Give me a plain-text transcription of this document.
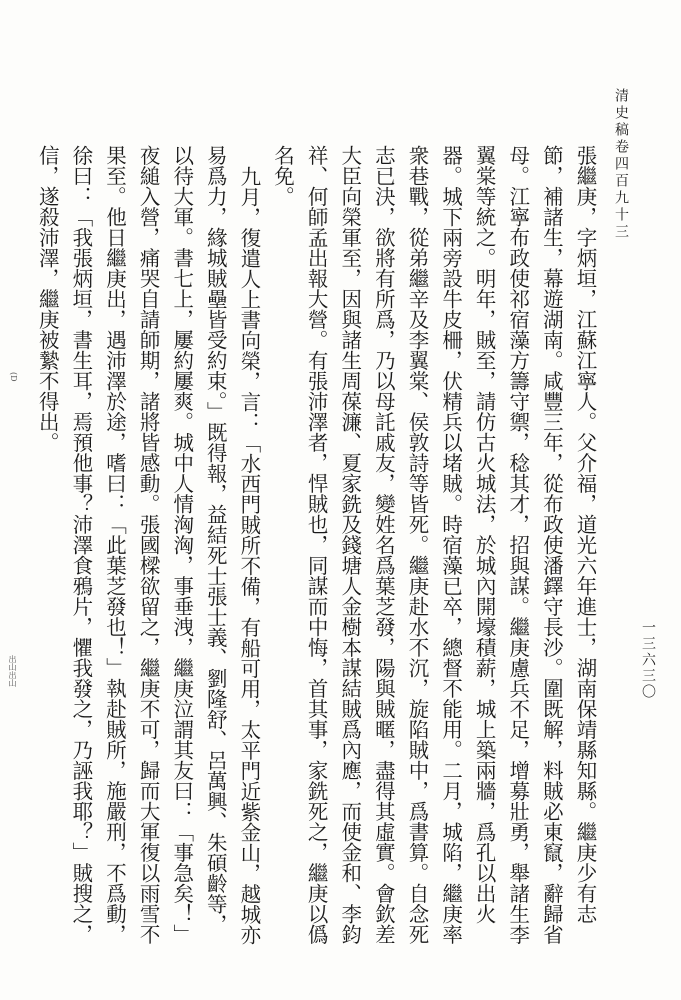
清史稿卷四百九十三
一三六三〇
(D
出山出山	張繼庚，字炳垣，江蘇江寧人。父介福，道光六年進士，湖南保靖縣知縣。繼庚少有志節，補諸生，幕遊湖南。咸豐三年，從布政使潘鐸守長沙。圍既解，料賊必東竄，辭歸省母。江寧布政使祁宿藻方籌守禦，稔其才，招與謀。繼庚慮兵不足，增募壯勇，舉諸生李翼棠等統之。明年，賊至，請仿古火城法，於城內開壕積薪，城上築兩牆，爲孔以出火器。城下兩旁設牛皮柵，伏精兵以堵賊。時宿藻已卒，總督不能用。二月，城陷，繼庚率衆巷戰，從弟繼辛及李翼棠、侯敦詩等皆死。繼庚赴水不沉，旋陷賊中，爲書算。自念死志已決，欲將有所爲，乃以母託戚友，變姓名爲葉芝發，陽與賊暱，盡得其虛實。會欽差大臣向榮軍至，因與諸生周葆濂、夏家銑及錢塘人金樹本謀結賊爲內應，而使金和、李鈞祥、何師孟出報大營。有張沛澤者，悍賊也，同謀而中悔，首其事，家銑死之，繼庚以僞名免。

九月，復遣人上書向榮，言：「水西門賊所不備，有船可用，太平門近紫金山，越城亦易爲力，緣城賊壘皆受約束。」既得報，益結死士張士義、劉隆舒、呂萬興、朱碩齡等，以待大軍。書七上，屢約屢爽。城中人情洶洶，事垂洩，繼庚泣謂其友曰：「事急矣！」夜縋入營，痛哭自請師期，諸將皆感動。張國樑欲留之，繼庚不可，歸而大軍復以雨雪不果至。他日繼庚出，遇沛澤於途，嗜曰：「此葉芝發也！」執赴賊所，施嚴刑，不爲動，徐曰：「我張炳垣，書生耳，焉預他事？沛澤食鴉片，懼我發之，乃誣我耶？」賊搜之，信，遂殺沛澤，繼庚被縶不得出。
